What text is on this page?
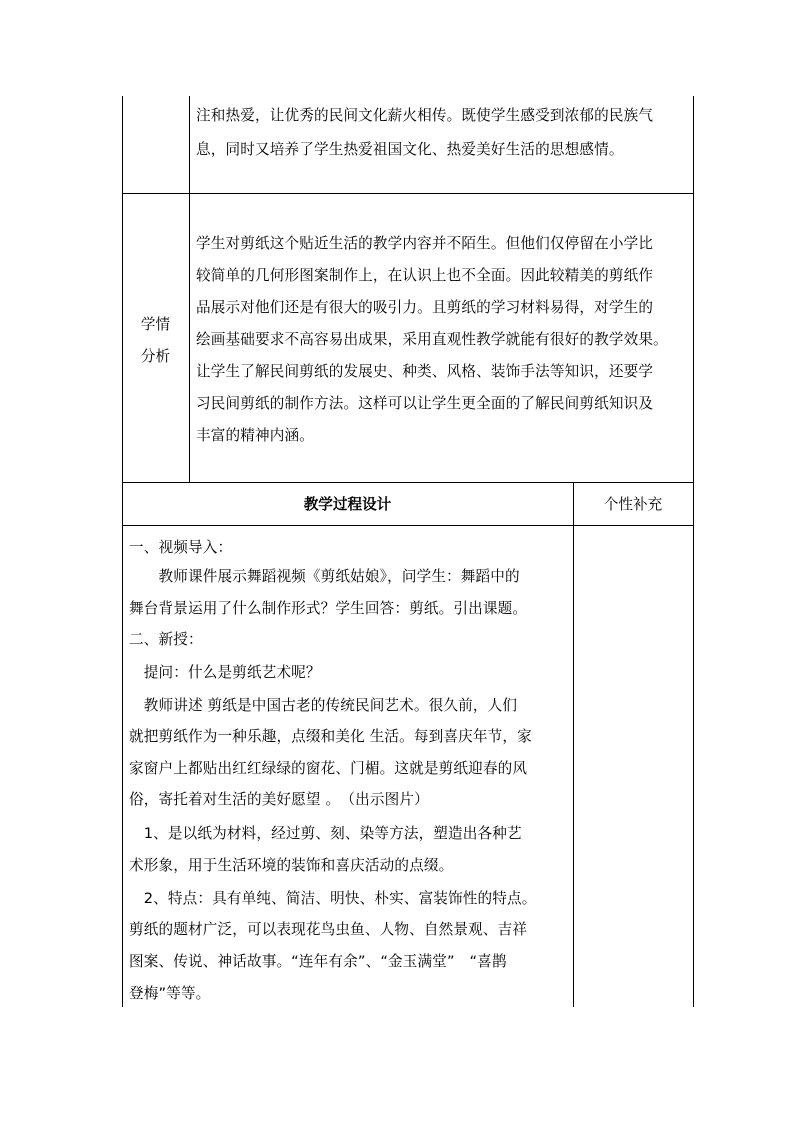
注和热爱，让优秀的民间文化薪火相传。既使学生感受到浓郁的民族气
息，同时又培养了学生热爱祖国文化、热爱美好生活的思想感情。
学情
分析
学生对剪纸这个贴近生活的教学内容并不陌生。但他们仅停留在小学比
较简单的几何形图案制作上，在认识上也不全面。因此较精美的剪纸作
品展示对他们还是有很大的吸引力。且剪纸的学习材料易得，对学生的
绘画基础要求不高容易出成果，采用直观性教学就能有很好的教学效果。
让学生了解民间剪纸的发展史、种类、风格、装饰手法等知识，还要学
习民间剪纸的制作方法。这样可以让学生更全面的了解民间剪纸知识及
丰富的精神内涵。
教学过程设计	个性补充
一、视频导入：
　　教师课件展示舞蹈视频《剪纸姑娘》，问学生：舞蹈中的
舞台背景运用了什么制作形式？学生回答：剪纸。引出课题。
二、新授：
　提问：什么是剪纸艺术呢？
　教师讲述 剪纸是中国古老的传统民间艺术。很久前，人们
就把剪纸作为一种乐趣，点缀和美化 生活。每到喜庆年节，家
家窗户上都贴出红红绿绿的窗花、门楣。这就是剪纸迎春的风
俗，寄托着对生活的美好愿望 。　（出示图片）
　1、是以纸为材料，经过剪、刻、染等方法，塑造出各种艺
术形象，用于生活环境的装饰和喜庆活动的点缀。
　2、特点：具有单纯、简洁、明快、朴实、富装饰性的特点。
剪纸的题材广泛，可以表现花鸟虫鱼、人物、自然景观、吉祥
图案、传说、神话故事。“连年有余”、“金玉满堂”　“喜鹊
登梅”等等。
